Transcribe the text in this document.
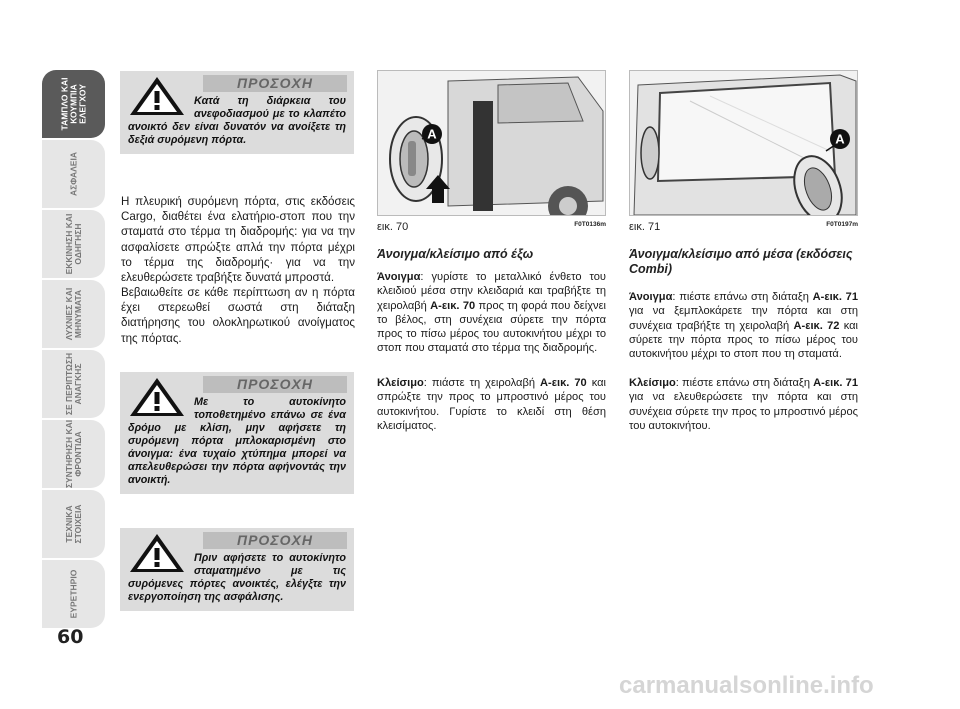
ΤΑΜΠΛΟ ΚΑΙ
ΚΟΥΜΠΙΑ
ΕΛΕΓΧΟΥ
ΑΣΦΑΛΕΙΑ
ΕΚΚΙΝΗΣΗ ΚΑΙ
ΟΔΗΓΗΣΗ
ΛΥΧΝΙΕΣ ΚΑΙ
ΜΗΝΥΜΑΤΑ
ΣΕ ΠΕΡΙΠΤΩΣΗ
ΑΝΑΓΚΗΣ
ΣΥΝΤΗΡΗΣΗ ΚΑΙ
ΦΡΟΝΤΙΔΑ
ΤΕΧΝΙΚΑ
ΣΤΟΙΧΕΙΑ
ΕΥΡΕΤΗΡΙΟ
60
ΠΡΟΣΟΧΗ
Κατά τη διάρκεια του ανεφοδιασμού με το κλαπέτο ανοικτό δεν είναι δυνατόν να ανοίξετε τη δεξιά συρόμενη πόρτα.
ΠΡΟΣΟΧΗ
Με το αυτοκίνητο τοποθετημένο επάνω σε ένα δρόμο με κλίση, μην αφήσετε τη συρόμενη πόρτα μπλοκαρισμένη στο άνοιγμα: ένα τυχαίο χτύπημα μπορεί να απελευθερώσει την πόρτα αφήνοντάς την ανοικτή.
ΠΡΟΣΟΧΗ
Πριν αφήσετε το αυτοκίνητο σταματημένο με τις συρόμενες πόρτες ανοικτές, ελέγξτε την ενεργοποίηση της ασφάλισης.

Η πλευρική συρόμενη πόρτα, στις εκδόσεις Cargo, διαθέτει ένα ελατήριο-στοπ που την σταματά στο τέρμα τη διαδρομής: για να την ασφαλίσετε σπρώξτε απλά την πόρτα μέχρι το τέρμα της διαδρομής· για να την ελευθερώσετε τραβήξτε δυνατά μπροστά.

Βεβαιωθείτε σε κάθε περίπτωση αν η πόρτα έχει στερεωθεί σωστά στη διάταξη διατήρησης του ολοκληρωτικού ανοίγματος της πόρτας.

A
εικ. 70	F0T0136m
A
εικ. 71	F0T0197m
Άνοιγμα/κλείσιμο από έξω

Άνοιγμα: γυρίστε το μεταλλικό ένθετο του κλειδιού μέσα στην κλειδαριά και τραβήξτε τη χειρολαβή A-εικ. 70 προς τη φορά που δείχνει το βέλος, στη συνέχεια σύρετε την πόρτα προς το πίσω μέρος του αυτοκινήτου μέχρι το στοπ που σταματά στο τέρμα της διαδρομής.

Κλείσιμο: πιάστε τη χειρολαβή A-εικ. 70 και σπρώξτε την προς το μπροστινό μέρος του αυτοκινήτου. Γυρίστε το κλειδί στη θέση κλεισίματος.

Άνοιγμα/κλείσιμο από μέσα (εκδόσεις Combi)

Άνοιγμα: πιέστε επάνω στη διάταξη A-εικ. 71 για να ξεμπλοκάρετε την πόρτα και στη συνέχεια τραβήξτε τη χειρολαβή A-εικ. 72 και σύρετε την πόρτα προς το πίσω μέρος του αυτοκινήτου μέχρι το στοπ που τη σταματά.

Κλείσιμο: πιέστε επάνω στη διάταξη A-εικ. 71 για να ελευθερώσετε την πόρτα και στη συνέχεια σύρετε την προς το μπροστινό μέρος του αυτοκινήτου.

carmanualsonline.info
